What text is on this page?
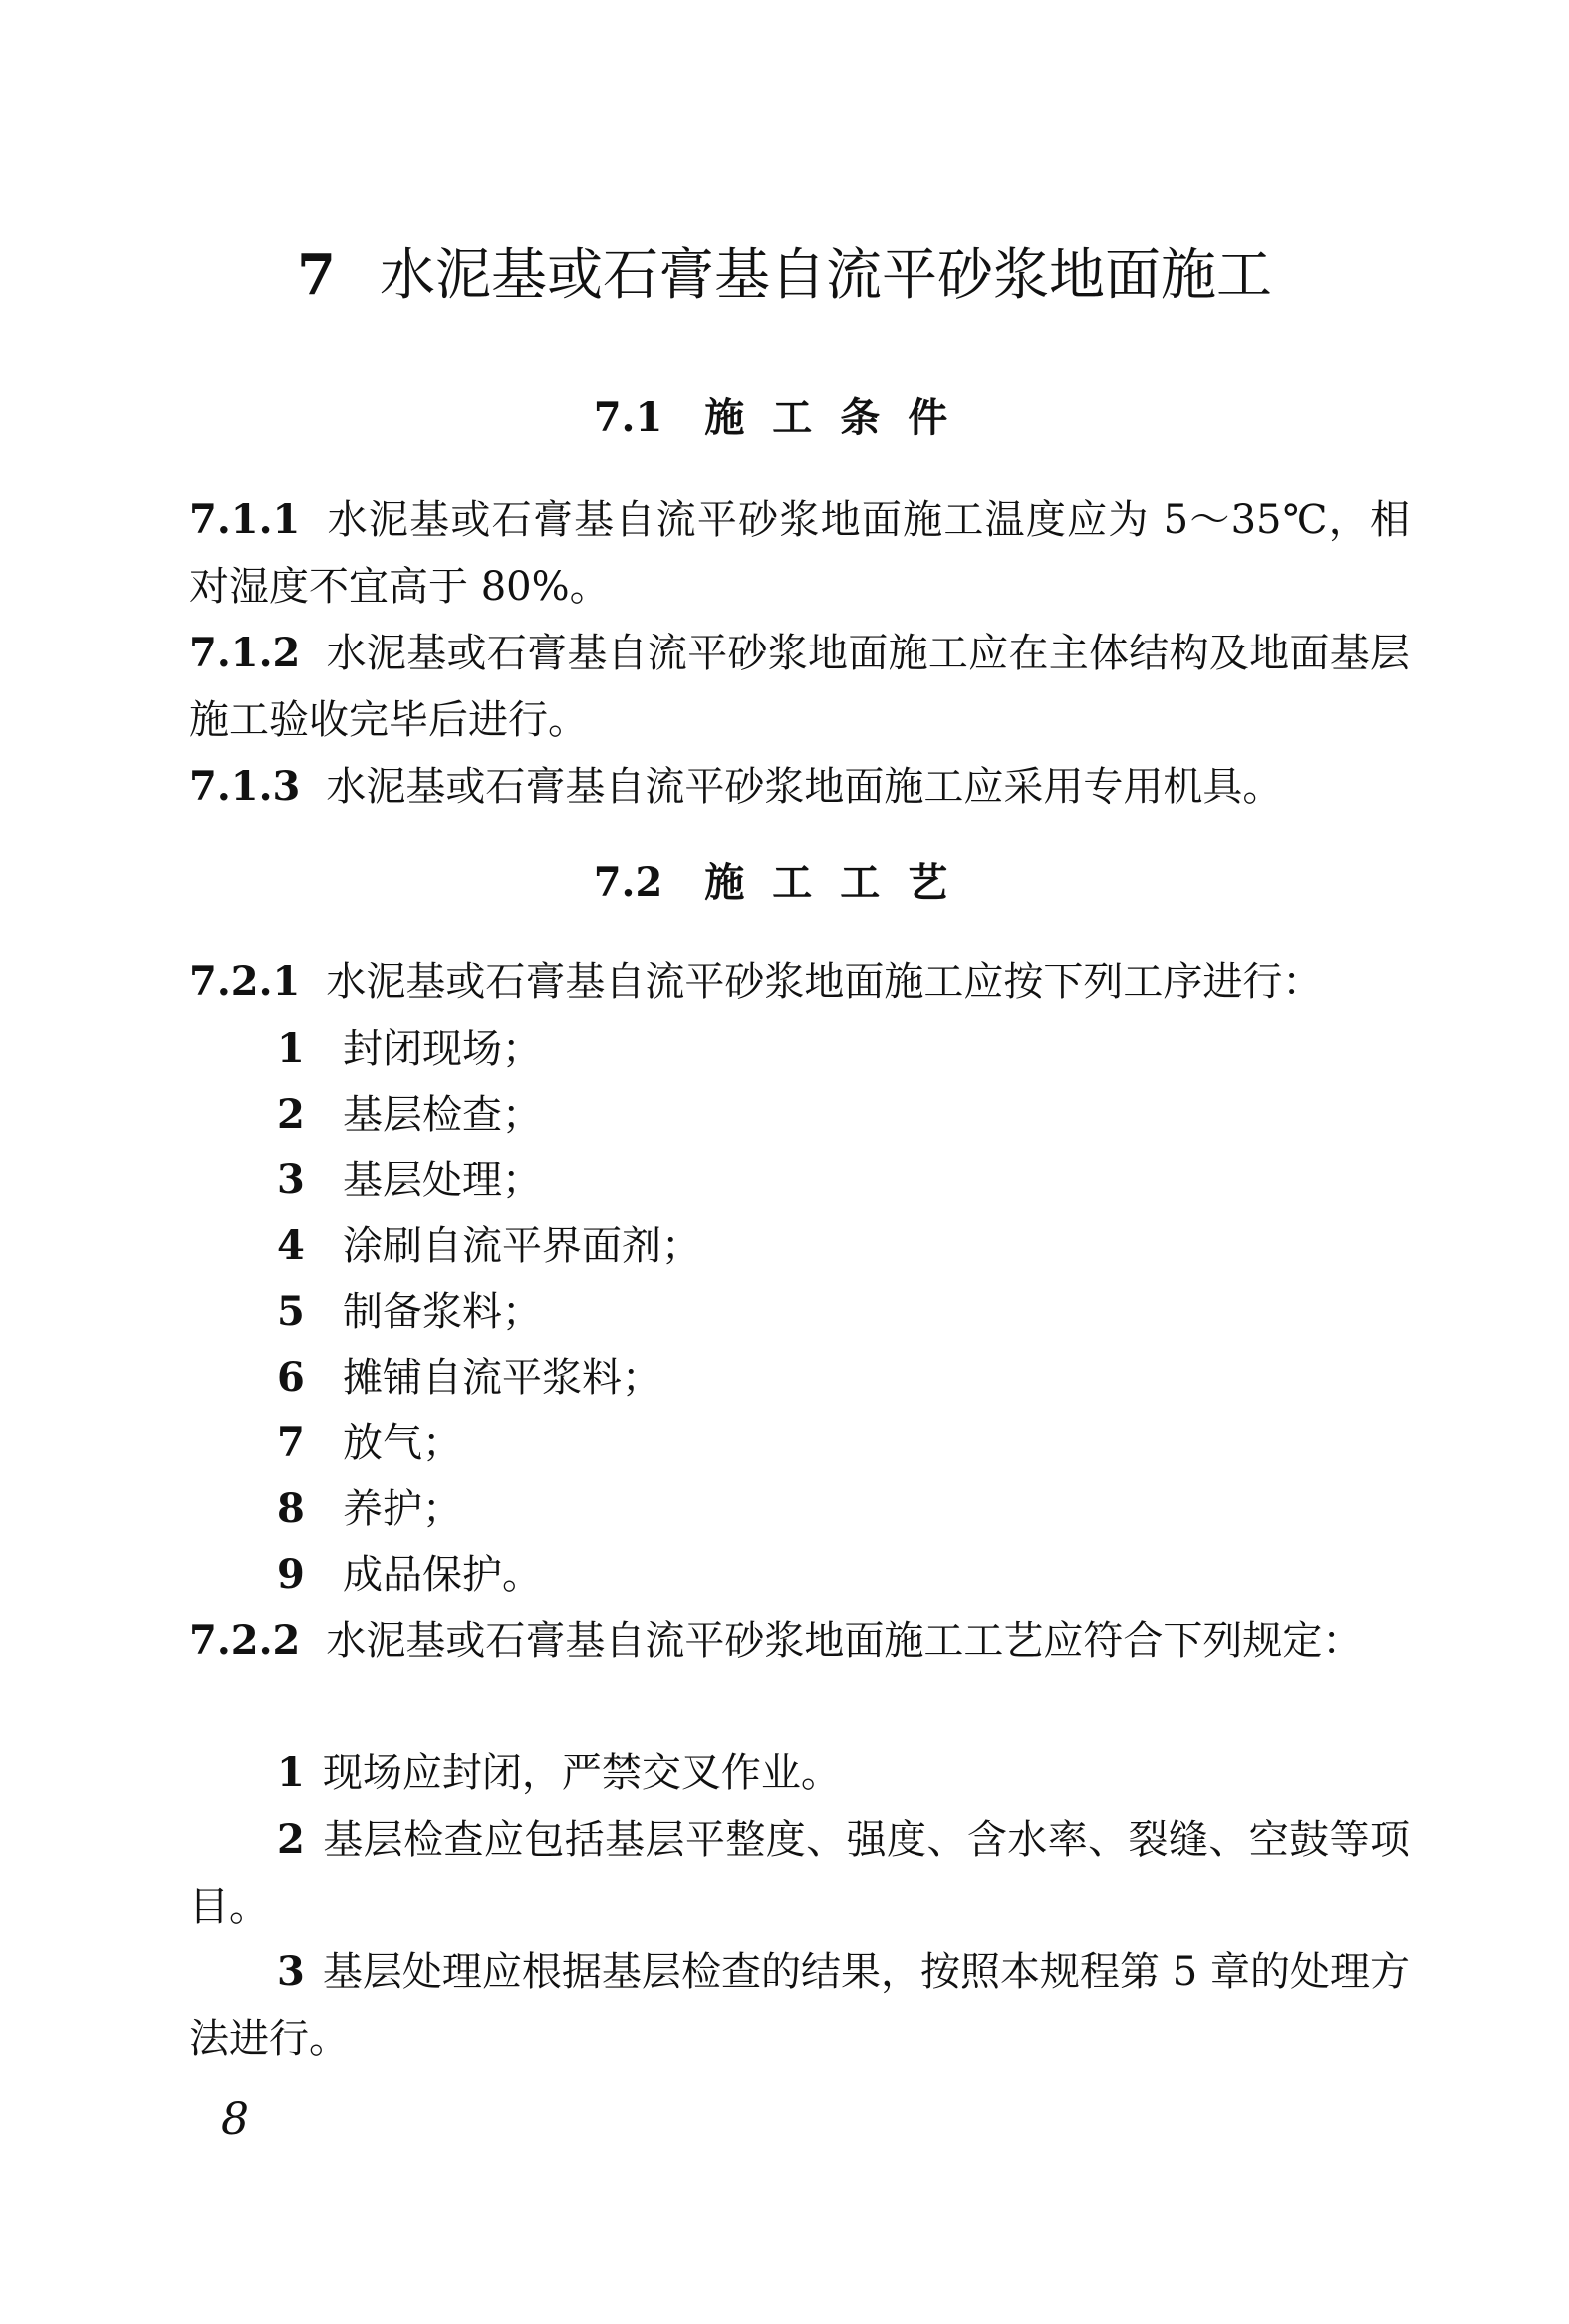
7 水泥基或石膏基自流平砂浆地面施工
7.1 施工条件
7.1.1 水泥基或石膏基自流平砂浆地面施工温度应为 5～35℃，相对湿度不宜高于 80%。
7.1.2 水泥基或石膏基自流平砂浆地面施工应在主体结构及地面基层施工验收完毕后进行。
7.1.3 水泥基或石膏基自流平砂浆地面施工应采用专用机具。
7.2 施工工艺
7.2.1 水泥基或石膏基自流平砂浆地面施工应按下列工序进行：
1 封闭现场；
2 基层检查；
3 基层处理；
4 涂刷自流平界面剂；
5 制备浆料；
6 摊铺自流平浆料；
7 放气；
8 养护；
9 成品保护。
7.2.2 水泥基或石膏基自流平砂浆地面施工工艺应符合下列规定：
1 现场应封闭，严禁交叉作业。
2 基层检查应包括基层平整度、强度、含水率、裂缝、空鼓等项目。
3 基层处理应根据基层检查的结果，按照本规程第 5 章的处理方法进行。
8
